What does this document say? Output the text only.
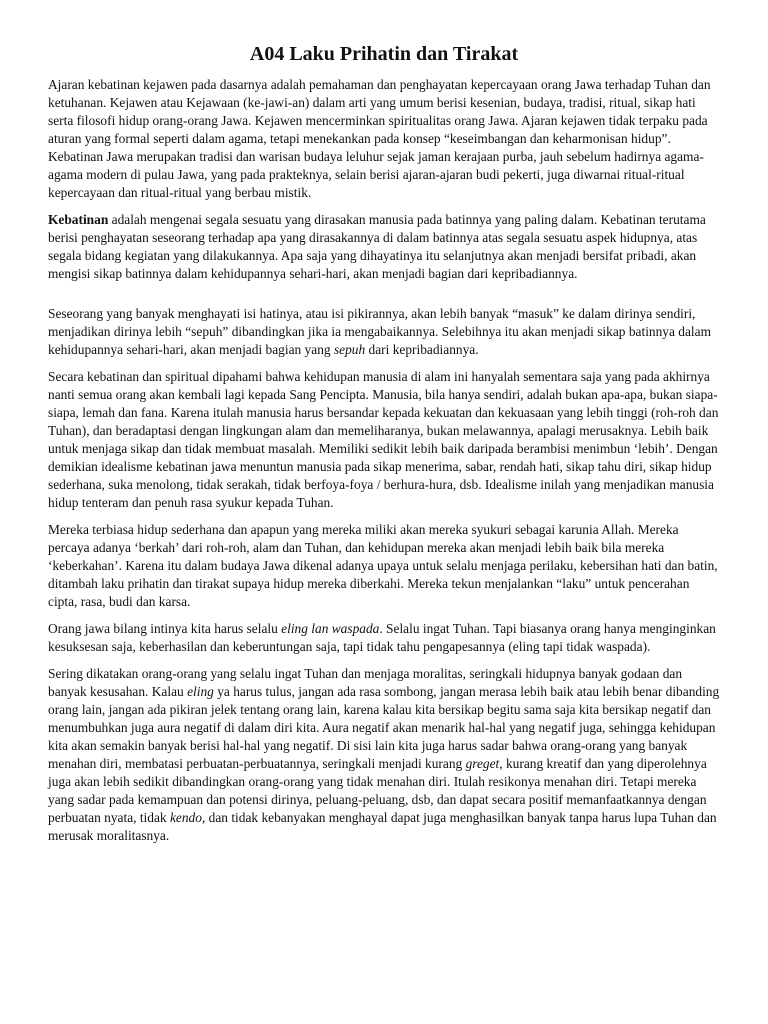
A04 Laku Prihatin dan Tirakat

Ajaran kebatinan kejawen pada dasarnya adalah pemahaman dan penghayatan kepercayaan orang Jawa terhadap Tuhan dan ketuhanan. Kejawen atau Kejawaan (ke-jawi-an) dalam arti yang umum berisi kesenian, budaya, tradisi, ritual, sikap hati serta filosofi hidup orang-orang Jawa. Kejawen mencerminkan spiritualitas orang Jawa. Ajaran kejawen tidak terpaku pada aturan yang formal seperti dalam agama, tetapi menekankan pada konsep “keseimbangan dan keharmonisan hidup”. Kebatinan Jawa merupakan tradisi dan warisan budaya leluhur sejak jaman kerajaan purba, jauh sebelum hadirnya agama-agama modern di pulau Jawa, yang pada prakteknya, selain berisi ajaran-ajaran budi pekerti, juga diwarnai ritual-ritual kepercayaan dan ritual-ritual yang berbau mistik.

Kebatinan adalah mengenai segala sesuatu yang dirasakan manusia pada batinnya yang paling dalam. Kebatinan terutama berisi penghayatan seseorang terhadap apa yang dirasakannya di dalam batinnya atas segala sesuatu aspek hidupnya, atas segala bidang kegiatan yang dilakukannya. Apa saja yang dihayatinya itu selanjutnya akan menjadi bersifat pribadi, akan mengisi sikap batinnya dalam kehidupannya sehari-hari, akan menjadi bagian dari kepribadiannya.

Seseorang yang banyak menghayati isi hatinya, atau isi pikirannya, akan lebih banyak “masuk” ke dalam dirinya sendiri, menjadikan dirinya lebih “sepuh” dibandingkan jika ia mengabaikannya. Selebihnya itu akan menjadi sikap batinnya dalam kehidupannya sehari-hari, akan menjadi bagian yang sepuh dari kepribadiannya.

Secara kebatinan dan spiritual dipahami bahwa kehidupan manusia di alam ini hanyalah sementara saja yang pada akhirnya nanti semua orang akan kembali lagi kepada Sang Pencipta. Manusia, bila hanya sendiri, adalah bukan apa-apa, bukan siapa-siapa, lemah dan fana. Karena itulah manusia harus bersandar kepada kekuatan dan kekuasaan yang lebih tinggi (roh-roh dan Tuhan), dan beradaptasi dengan lingkungan alam dan memeliharanya, bukan melawannya, apalagi merusaknya. Lebih baik untuk menjaga sikap dan tidak membuat masalah. Memiliki sedikit lebih baik daripada berambisi menimbun ‘lebih’. Dengan demikian idealisme kebatinan jawa menuntun manusia pada sikap menerima, sabar, rendah hati, sikap tahu diri, sikap hidup sederhana, suka menolong, tidak serakah, tidak berfoya-foya / berhura-hura, dsb. Idealisme inilah yang menjadikan manusia hidup tenteram dan penuh rasa syukur kepada Tuhan.

Mereka terbiasa hidup sederhana dan apapun yang mereka miliki akan mereka syukuri sebagai karunia Allah. Mereka percaya adanya ‘berkah’ dari roh-roh, alam dan Tuhan, dan kehidupan mereka akan menjadi lebih baik bila mereka ‘keberkahan’. Karena itu dalam budaya Jawa dikenal adanya upaya untuk selalu menjaga perilaku, kebersihan hati dan batin, ditambah laku prihatin dan tirakat supaya hidup mereka diberkahi. Mereka tekun menjalankan “laku” untuk pencerahan cipta, rasa, budi dan karsa.

Orang jawa bilang intinya kita harus selalu eling lan waspada. Selalu ingat Tuhan. Tapi biasanya orang hanya menginginkan kesuksesan saja, keberhasilan dan keberuntungan saja, tapi tidak tahu pengapesannya (eling tapi tidak waspada).

Sering dikatakan orang-orang yang selalu ingat Tuhan dan menjaga moralitas, seringkali hidupnya banyak godaan dan banyak kesusahan. Kalau eling ya harus tulus, jangan ada rasa sombong, jangan merasa lebih baik atau lebih benar dibanding orang lain, jangan ada pikiran jelek tentang orang lain, karena kalau kita bersikap begitu sama saja kita bersikap negatif dan menumbuhkan juga aura negatif di dalam diri kita. Aura negatif akan menarik hal-hal yang negatif juga, sehingga kehidupan kita akan semakin banyak berisi hal-hal yang negatif. Di sisi lain kita juga harus sadar bahwa orang-orang yang banyak menahan diri, membatasi perbuatan-perbuatannya, seringkali menjadi kurang greget, kurang kreatif dan yang diperolehnya juga akan lebih sedikit dibandingkan orang-orang yang tidak menahan diri. Itulah resikonya menahan diri. Tetapi mereka yang sadar pada kemampuan dan potensi dirinya, peluang-peluang, dsb, dan dapat secara positif memanfaatkannya dengan perbuatan nyata, tidak kendo, dan tidak kebanyakan menghayal dapat juga menghasilkan banyak tanpa harus lupa Tuhan dan merusak moralitasnya.
